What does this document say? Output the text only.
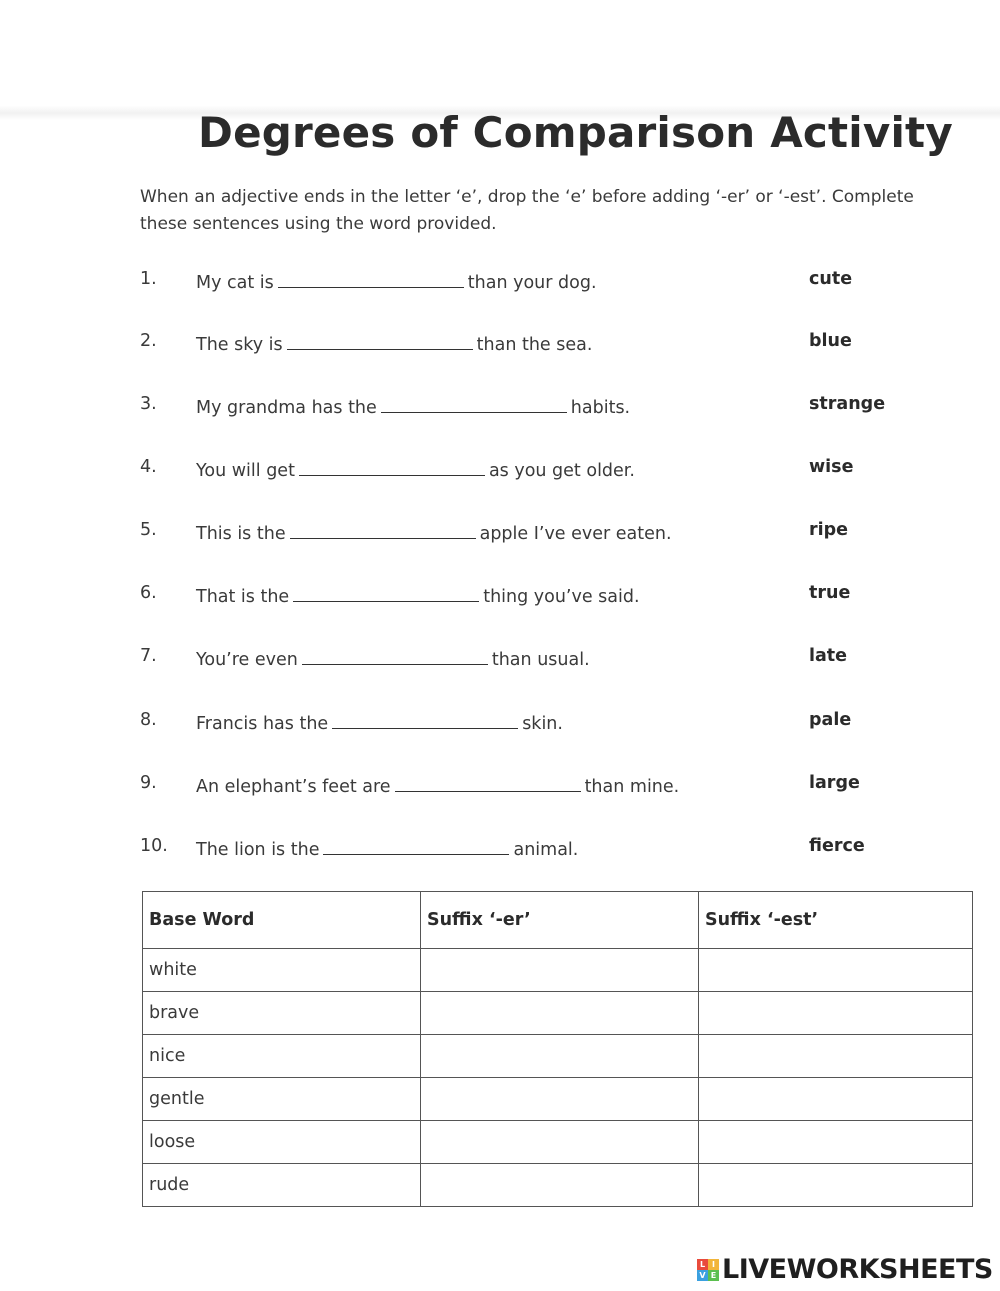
Degrees of Comparison Activity

When an adjective ends in the letter ‘e’, drop the ‘e’ before adding ‘-er’ or ‘-est’. Complete these sentences using the word provided.

1. My cat is	than your dog.	cute
2. The sky is	than the sea.	blue
3. My grandma has the	habits.	strange
4. You will get	as you get older.	wise
5. This is the	apple I’ve ever eaten.	ripe
6. That is the	thing you’ve said.	true
7. You’re even	than usual.	late
8. Francis has the	skin.	pale
9. An elephant’s feet are	than mine.	large
10. The lion is the	animal.	fierce
Base Word	Suffix ‘-er’	Suffix ‘-est’
white		
brave		
nice		
gentle		
loose		
rude		
L I
V E LIVEWORKSHEETS
